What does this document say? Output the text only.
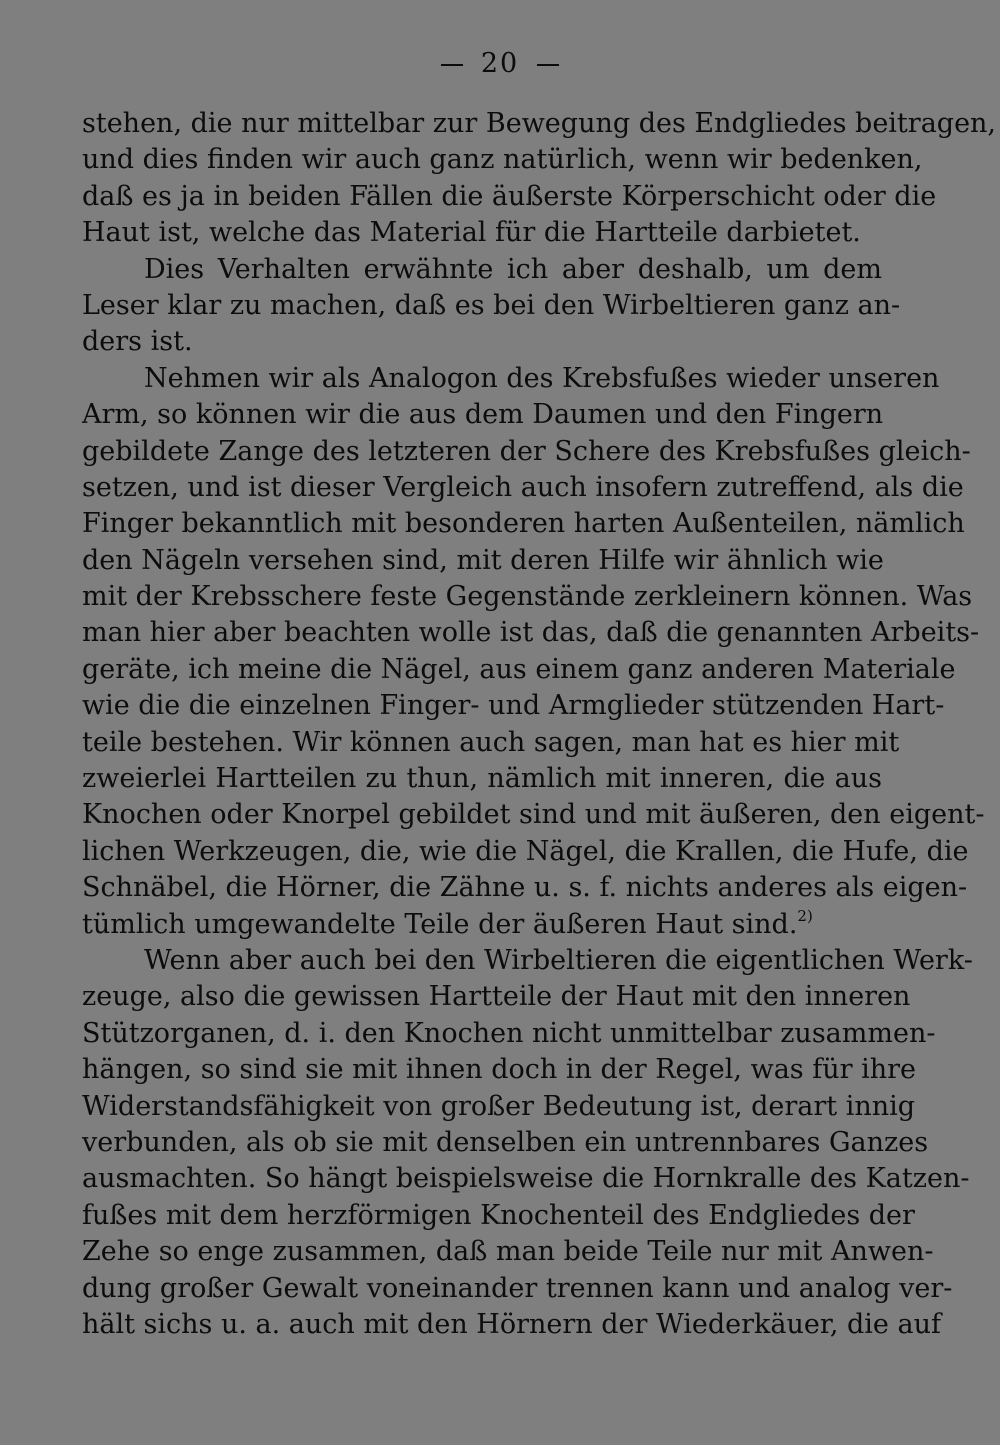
20
stehen, die nur mittelbar zur Bewegung des Endgliedes beitragen,
und dies finden wir auch ganz natürlich, wenn wir bedenken,
daß es ja in beiden Fällen die äußerste Körperschicht oder die
Haut ist, welche das Material für die Hartteile darbietet.
Dies Verhalten erwähnte ich aber deshalb, um dem
Leser klar zu machen, daß es bei den Wirbeltieren ganz an-
ders ist.
Nehmen wir als Analogon des Krebsfußes wieder unseren
Arm, so können wir die aus dem Daumen und den Fingern
gebildete Zange des letzteren der Schere des Krebsfußes gleich-
setzen, und ist dieser Vergleich auch insofern zutreffend, als die
Finger bekanntlich mit besonderen harten Außenteilen, nämlich
den Nägeln versehen sind, mit deren Hilfe wir ähnlich wie
mit der Krebsschere feste Gegenstände zerkleinern können. Was
man hier aber beachten wolle ist das, daß die genannten Arbeits-
geräte, ich meine die Nägel, aus einem ganz anderen Materiale
wie die die einzelnen Finger- und Armglieder stützenden Hart-
teile bestehen. Wir können auch sagen, man hat es hier mit
zweierlei Hartteilen zu thun, nämlich mit inneren, die aus
Knochen oder Knorpel gebildet sind und mit äußeren, den eigent-
lichen Werkzeugen, die, wie die Nägel, die Krallen, die Hufe, die
Schnäbel, die Hörner, die Zähne u. s. f. nichts anderes als eigen-
tümlich umgewandelte Teile der äußeren Haut sind.$^{2)}$
Wenn aber auch bei den Wirbeltieren die eigentlichen Werk-
zeuge, also die gewissen Hartteile der Haut mit den inneren
Stützorganen, d. i. den Knochen nicht unmittelbar zusammen-
hängen, so sind sie mit ihnen doch in der Regel, was für ihre
Widerstandsfähigkeit von großer Bedeutung ist, derart innig
verbunden, als ob sie mit denselben ein untrennbares Ganzes
ausmachten. So hängt beispielsweise die Hornkralle des Katzen-
fußes mit dem herzförmigen Knochenteil des Endgliedes der
Zehe so enge zusammen, daß man beide Teile nur mit Anwen-
dung großer Gewalt voneinander trennen kann und analog ver-
hält sichs u. a. auch mit den Hörnern der Wiederkäuer, die auf
